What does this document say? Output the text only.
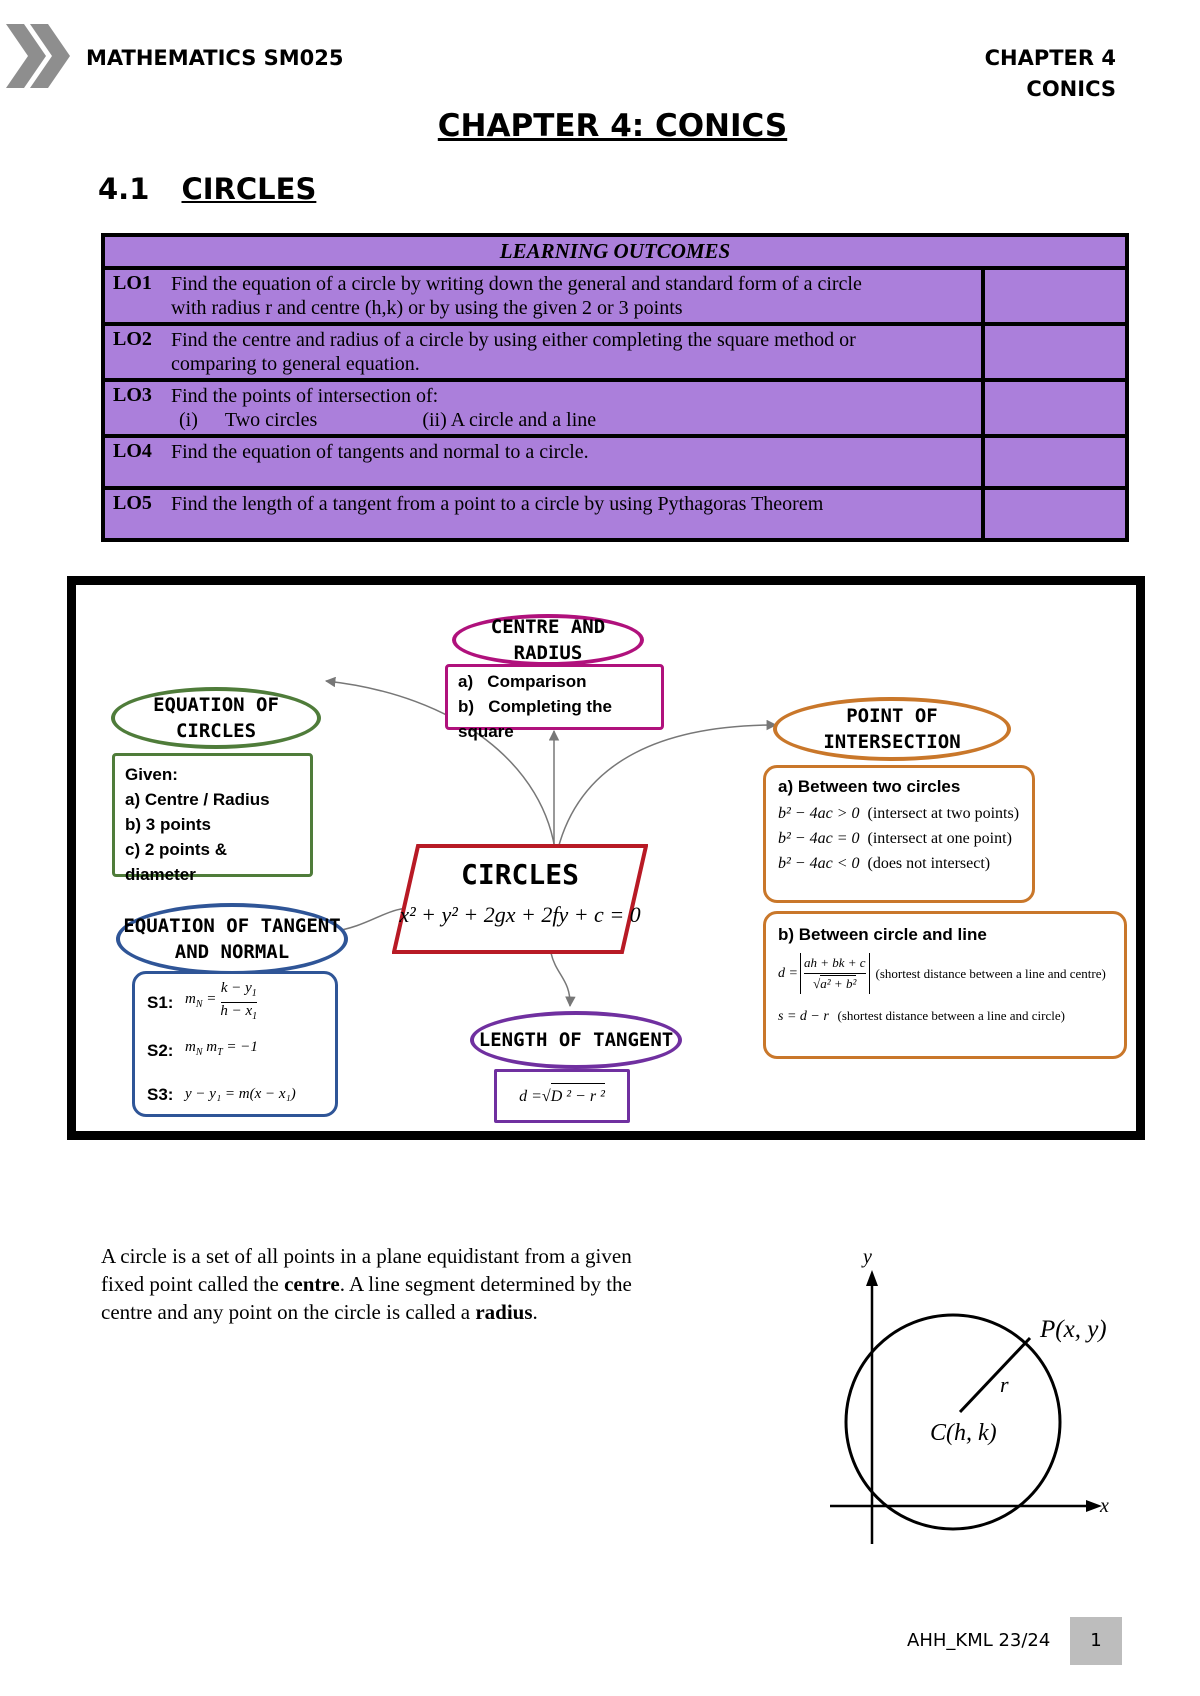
MATHEMATICS SM025	CHAPTER 4
CONICS
CHAPTER 4: CONICS
4.1 CIRCLES
LEARNING OUTCOMES	

LO1 Find the equation of a circle by writing down the general and standard form of a circle
with radius r and centre (h,k) or by using the given 2 or 3 points	

LO2 Find the centre and radius of a circle by using either completing the square method or
comparing to general equation.	

LO3 Find the points of intersection of:
(i) Two circles (ii) A circle and a line	

LO4 Find the equation of tangents and normal to a circle.	

LO5 Find the length of a tangent from a point to a circle by using Pythagoras Theorem	

CENTRE AND RADIUS
a) Comparison
b) Completing the square
EQUATION OF CIRCLES
Given:
a) Centre / Radius
b) 3 points
c) 2 points & diameter
EQUATION OF TANGENT
AND NORMAL
S1: $m_N = \frac{k - y_1}{h - x_1}$
S2: $m_N$ $m_T = -1$
S3: y − y₁ = m(x − x₁)
CIRCLES
x² + y² + 2gx + 2fy + c = 0
LENGTH OF TANGENT
d = √ D ² − r ²
POINT OF INTERSECTION
a) Between two circles
b² − 4ac > 0 (intersect at two points)
b² − 4ac = 0 (intersect at one point)
b² − 4ac < 0 (does not intersect)
b) Between circle and line
$d = \frac{ah + bk + c}{\text{√a² + b²}}$ (shortest distance between a line and centre)
s = d − r (shortest distance between a line and circle)
A circle is a set of all points in a plane equidistant from a given
fixed point called the centre. A line segment determined by the
centre and any point on the circle is called a radius.
y
x
P(x, y)
r
C(h, k)
AHH_KML 23/24	1
